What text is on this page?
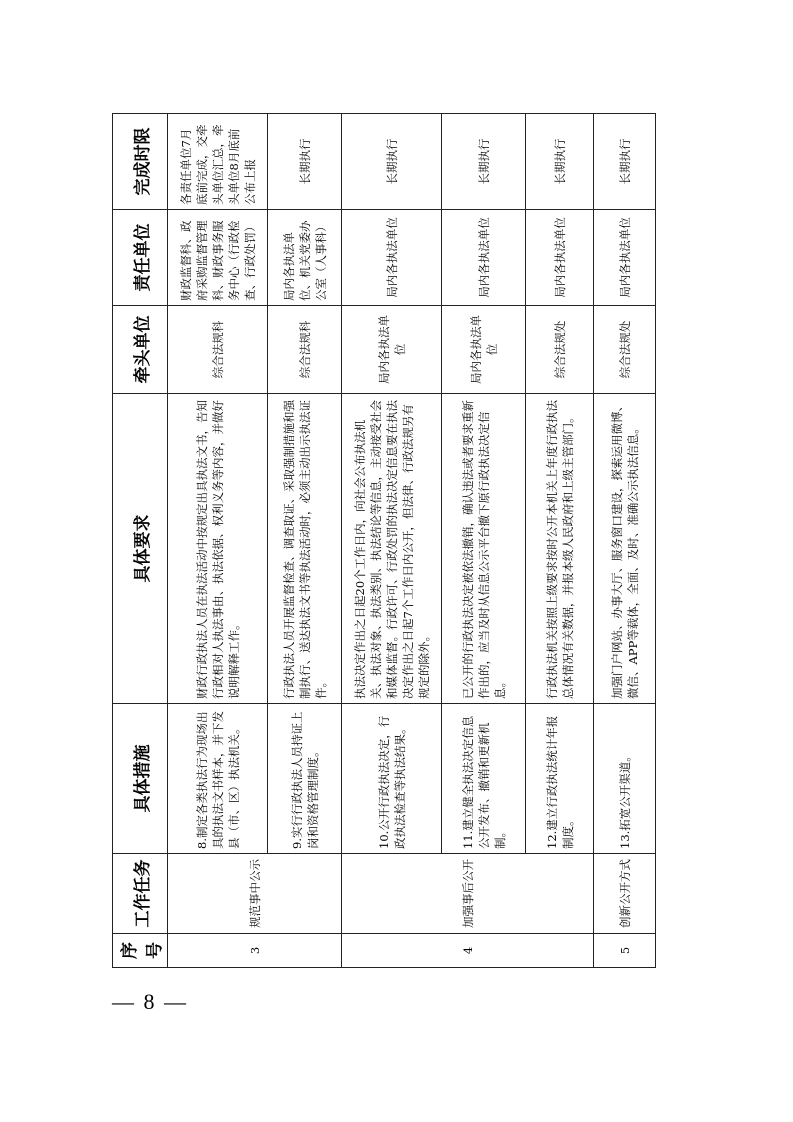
— 8 —
序号	工作任务	具体措施	具体要求	牵头单位	责任单位	完成时限
3	规范事中公示	8.制定各类执法行为现场出具的执法文书样本，并下发县（市、区）执法机关。	财政行政执法人员在执法活动中按规定出具执法文书，告知行政相对人执法事由、执法依据、权利义务等内容，并做好说明解释工作。	综合法规科	财政监督科、政府采购监督管理科、财政事务服务中心（行政检查、行政处罚）	各责任单位7月底前完成，交牵头单位汇总，牵头单位8月底前公布上报
		9.实行行政执法人员持证上岗和资格管理制度。	行政执法人员开展监督检查、调查取证、采取强制措施和强制执行、送达执法文书等执法活动时，必须主动出示执法证件。	综合法规科	局内各执法单位、机关党委办公室（人事科）	长期执行
4	加强事后公开	10.公开行政执法决定，行政执法检查等执法结果。	执法决定作出之日起20个工作日内，向社会公布执法机关、执法对象、执法类别、执法结论等信息，主动接受社会和媒体监督。行政许可、行政处罚的执法决定信息要在执法决定作出之日起7个工作日内公开，但法律、行政法规另有规定的除外。	局内各执法单位	局内各执法单位	长期执行
		11.建立健全执法决定信息公开发布、撤销和更新机制。	已公开的行政执法决定被依法撤销，确认违法或者要求重新作出的，应当及时从信息公示平台撤下原行政执法决定信息。	局内各执法单位	局内各执法单位	长期执行
		12.建立行政执法统计年报制度。	行政执法机关按照上级要求按时公开本机关上年度行政执法总体情况有关数据，并报本级人民政府和上级主管部门。	综合法规处	局内各执法单位	长期执行
5	创新公开方式	13.拓宽公开渠道。	加强门户网站、办事大厅、服务窗口建设，探索运用微博、微信、APP等载体，全面、及时、准确公示执法信息。	综合法规处	局内各执法单位	长期执行
